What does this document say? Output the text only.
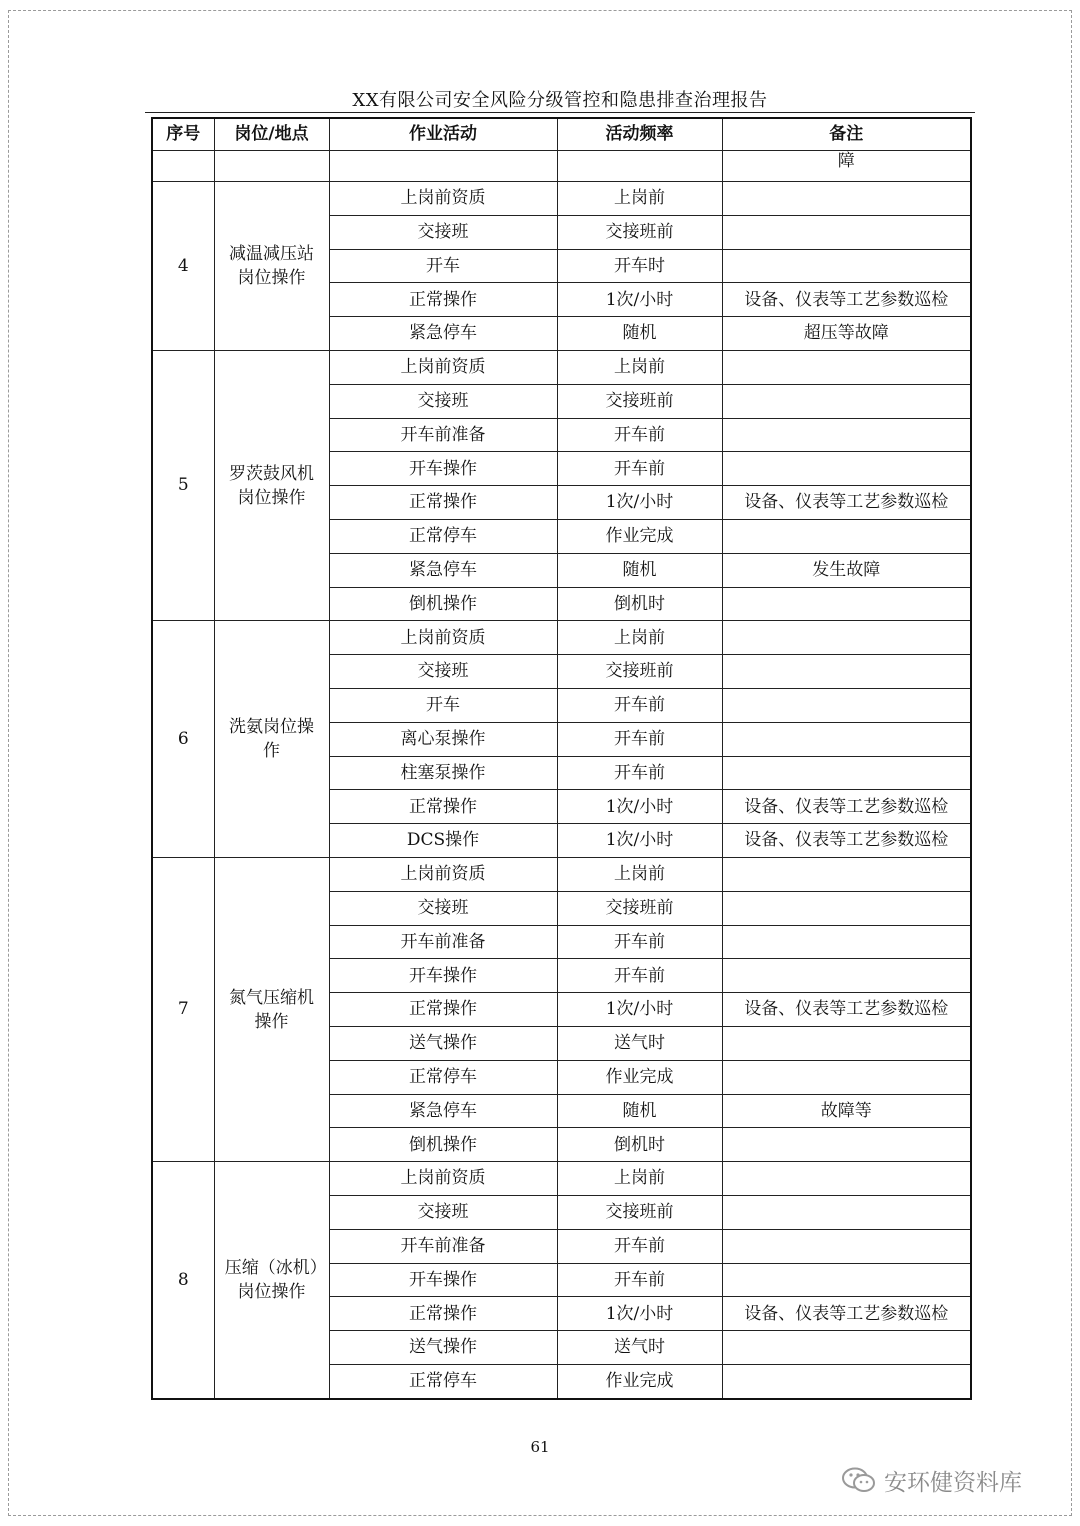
XX有限公司安全风险分级管控和隐患排查治理报告
序号	岗位/地点	作业活动	活动频率	备注
				障
4	减温减压站岗位操作	上岗前资质	上岗前	
		交接班	交接班前	
		开车	开车时	
		正常操作	1次/小时	设备、仪表等工艺参数巡检
		紧急停车	随机	超压等故障
5	罗茨鼓风机岗位操作	上岗前资质	上岗前	
		交接班	交接班前	
		开车前准备	开车前	
		开车操作	开车前	
		正常操作	1次/小时	设备、仪表等工艺参数巡检
		正常停车	作业完成	
		紧急停车	随机	发生故障
		倒机操作	倒机时	
6	洗氨岗位操作	上岗前资质	上岗前	
		交接班	交接班前	
		开车	开车前	
		离心泵操作	开车前	
		柱塞泵操作	开车前	
		正常操作	1次/小时	设备、仪表等工艺参数巡检
		DCS操作	1次/小时	设备、仪表等工艺参数巡检
7	氮气压缩机操作	上岗前资质	上岗前	
		交接班	交接班前	
		开车前准备	开车前	
		开车操作	开车前	
		正常操作	1次/小时	设备、仪表等工艺参数巡检
		送气操作	送气时	
		正常停车	作业完成	
		紧急停车	随机	故障等
		倒机操作	倒机时	
8	压缩（冰机）岗位操作	上岗前资质	上岗前	
		交接班	交接班前	
		开车前准备	开车前	
		开车操作	开车前	
		正常操作	1次/小时	设备、仪表等工艺参数巡检
		送气操作	送气时	
		正常停车	作业完成	
61
安环健资料库
